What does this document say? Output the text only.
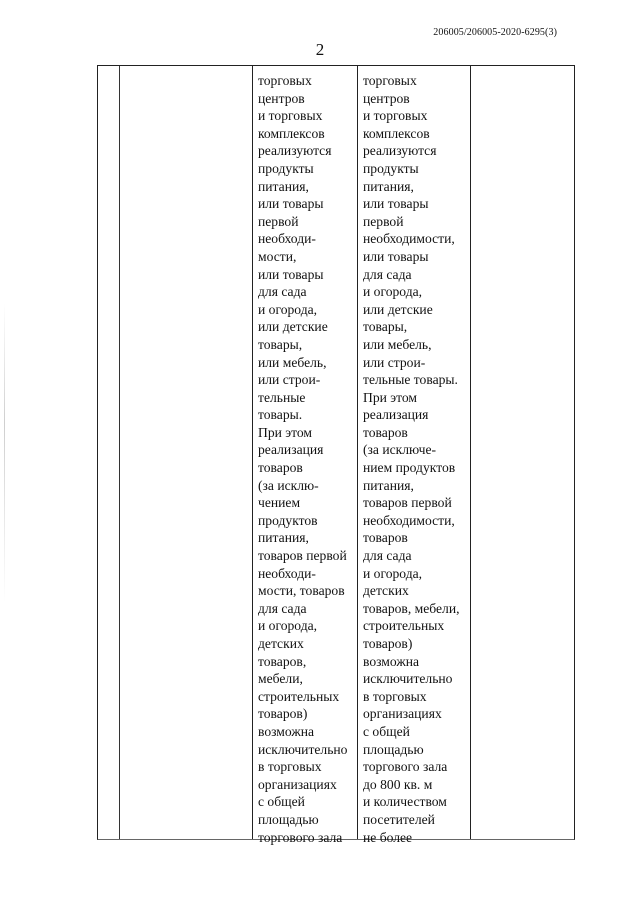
206005/206005-2020-6295(3)
2

торговых
центров
и торговых
комплексов
реализуются
продукты
питания,
или товары
первой
необходи-
мости,
или товары
для сада
и огорода,
или детские
товары,
или мебель,
или строи-
тельные
товары.
При этом
реализация
товаров
(за исклю-
чением
продуктов
питания,
товаров первой
необходи-
мости, товаров
для сада
и огорода,
детских
товаров,
мебели,
строительных
товаров)
возможна
исключительно
в торговых
организациях
с общей
площадью
торгового зала

торговых
центров
и торговых
комплексов
реализуются
продукты
питания,
или товары
первой
необходимости,
или товары
для сада
и огорода,
или детские
товары,
или мебель,
или строи-
тельные товары.
При этом
реализация
товаров
(за исключе-
нием продуктов
питания,
товаров первой
необходимости,
товаров
для сада
и огорода,
детских
товаров, мебели,
строительных
товаров)
возможна
исключительно
в торговых
организациях
с общей
площадью
торгового зала
до 800 кв. м
и количеством
посетителей
не более
